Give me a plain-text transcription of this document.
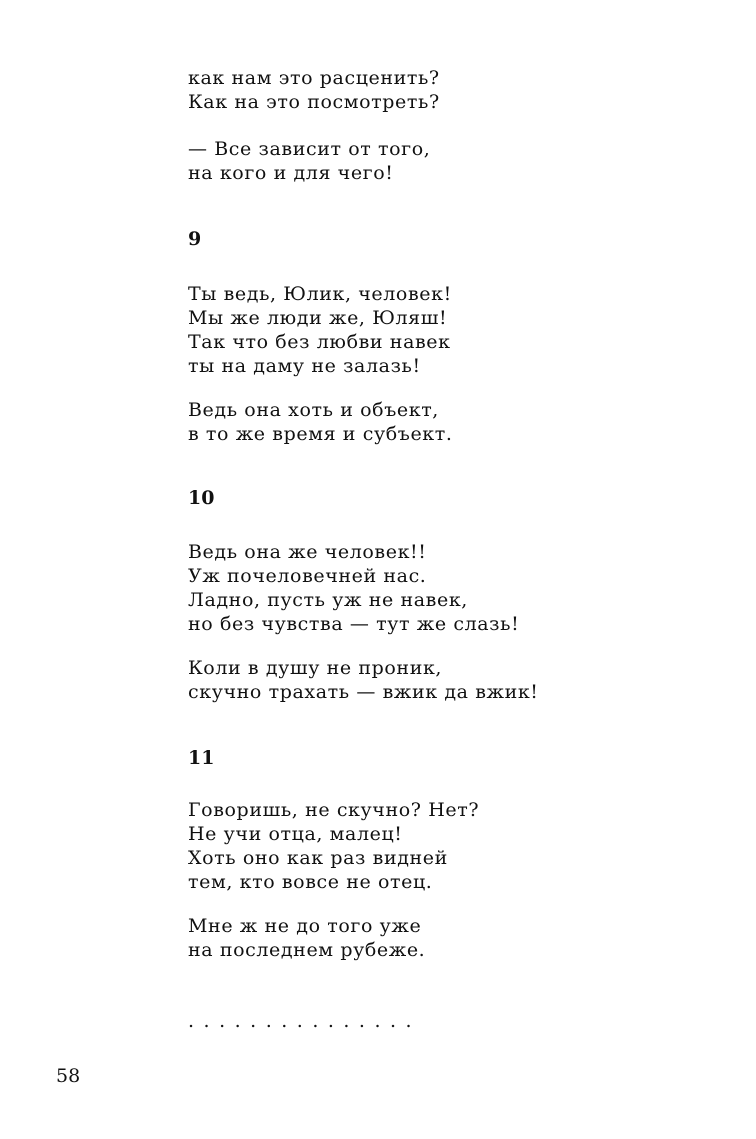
как нам это расценить?
Как на это посмотреть?
— Все зависит от того,
на кого и для чего!
9
Ты ведь, Юлик, человек!
Мы же люди же, Юляш!
Так что без любви навек
ты на даму не залазь!
Ведь она хоть и объект,
в то же время и субъект.
10
Ведь она же человек!!
Уж почеловечней нас.
Ладно, пусть уж не навек,
но без чувства — тут же слазь!
Коли в душу не проник,
скучно трахать — вжик да вжик!
11
Говоришь, не скучно? Нет?
Не учи отца, малец!
Хоть оно как раз видней
тем, кто вовсе не отец.
Мне ж не до того уже
на последнем рубеже.
...............
58
